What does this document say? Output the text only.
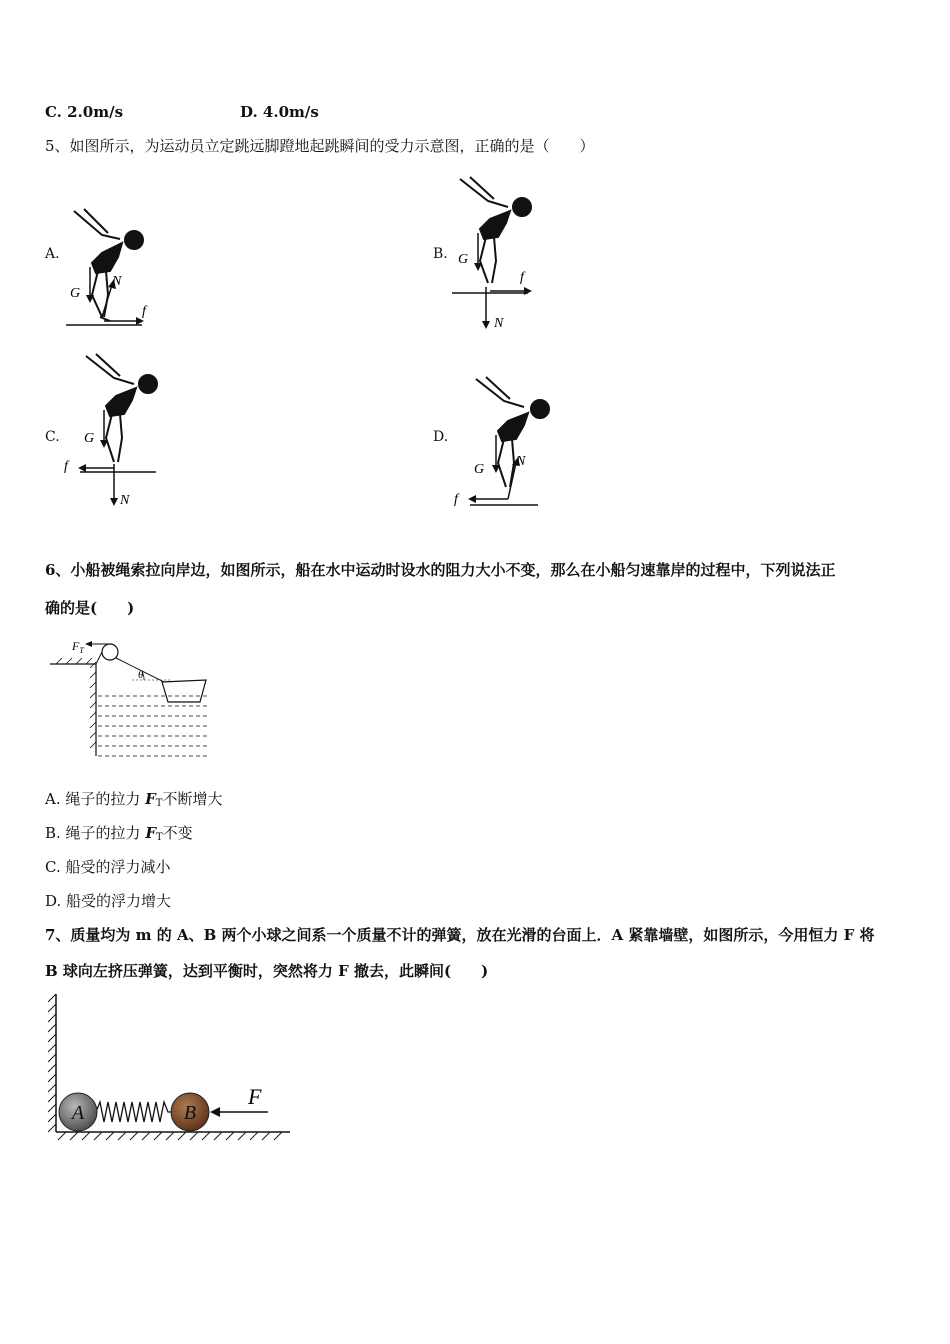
C. 2.0m/s	D. 4.0m/s
5、如图所示，为运动员立定跳远脚蹬地起跳瞬间的受力示意图，正确的是（　　）
A.	B.
C.	D.
G
N
f
G
f
N
G
f
N
G
N
f
6、小船被绳索拉向岸边，如图所示，船在水中运动时设水的阻力大小不变，那么在小船匀速靠岸的过程中，下列说法正
确的是(　　)
$F_T$
θ
A. 绳子的拉力 $F_T$不断增大
B. 绳子的拉力 $F_T$不变
C. 船受的浮力减小
D. 船受的浮力增大
7、质量均为 m 的 A、B 两个小球之间系一个质量不计的弹簧，放在光滑的台面上．A 紧靠墙壁，如图所示，今用恒力 F 将
B 球向左挤压弹簧，达到平衡时，突然将力 F 撤去，此瞬间(　　)
A	B
F
